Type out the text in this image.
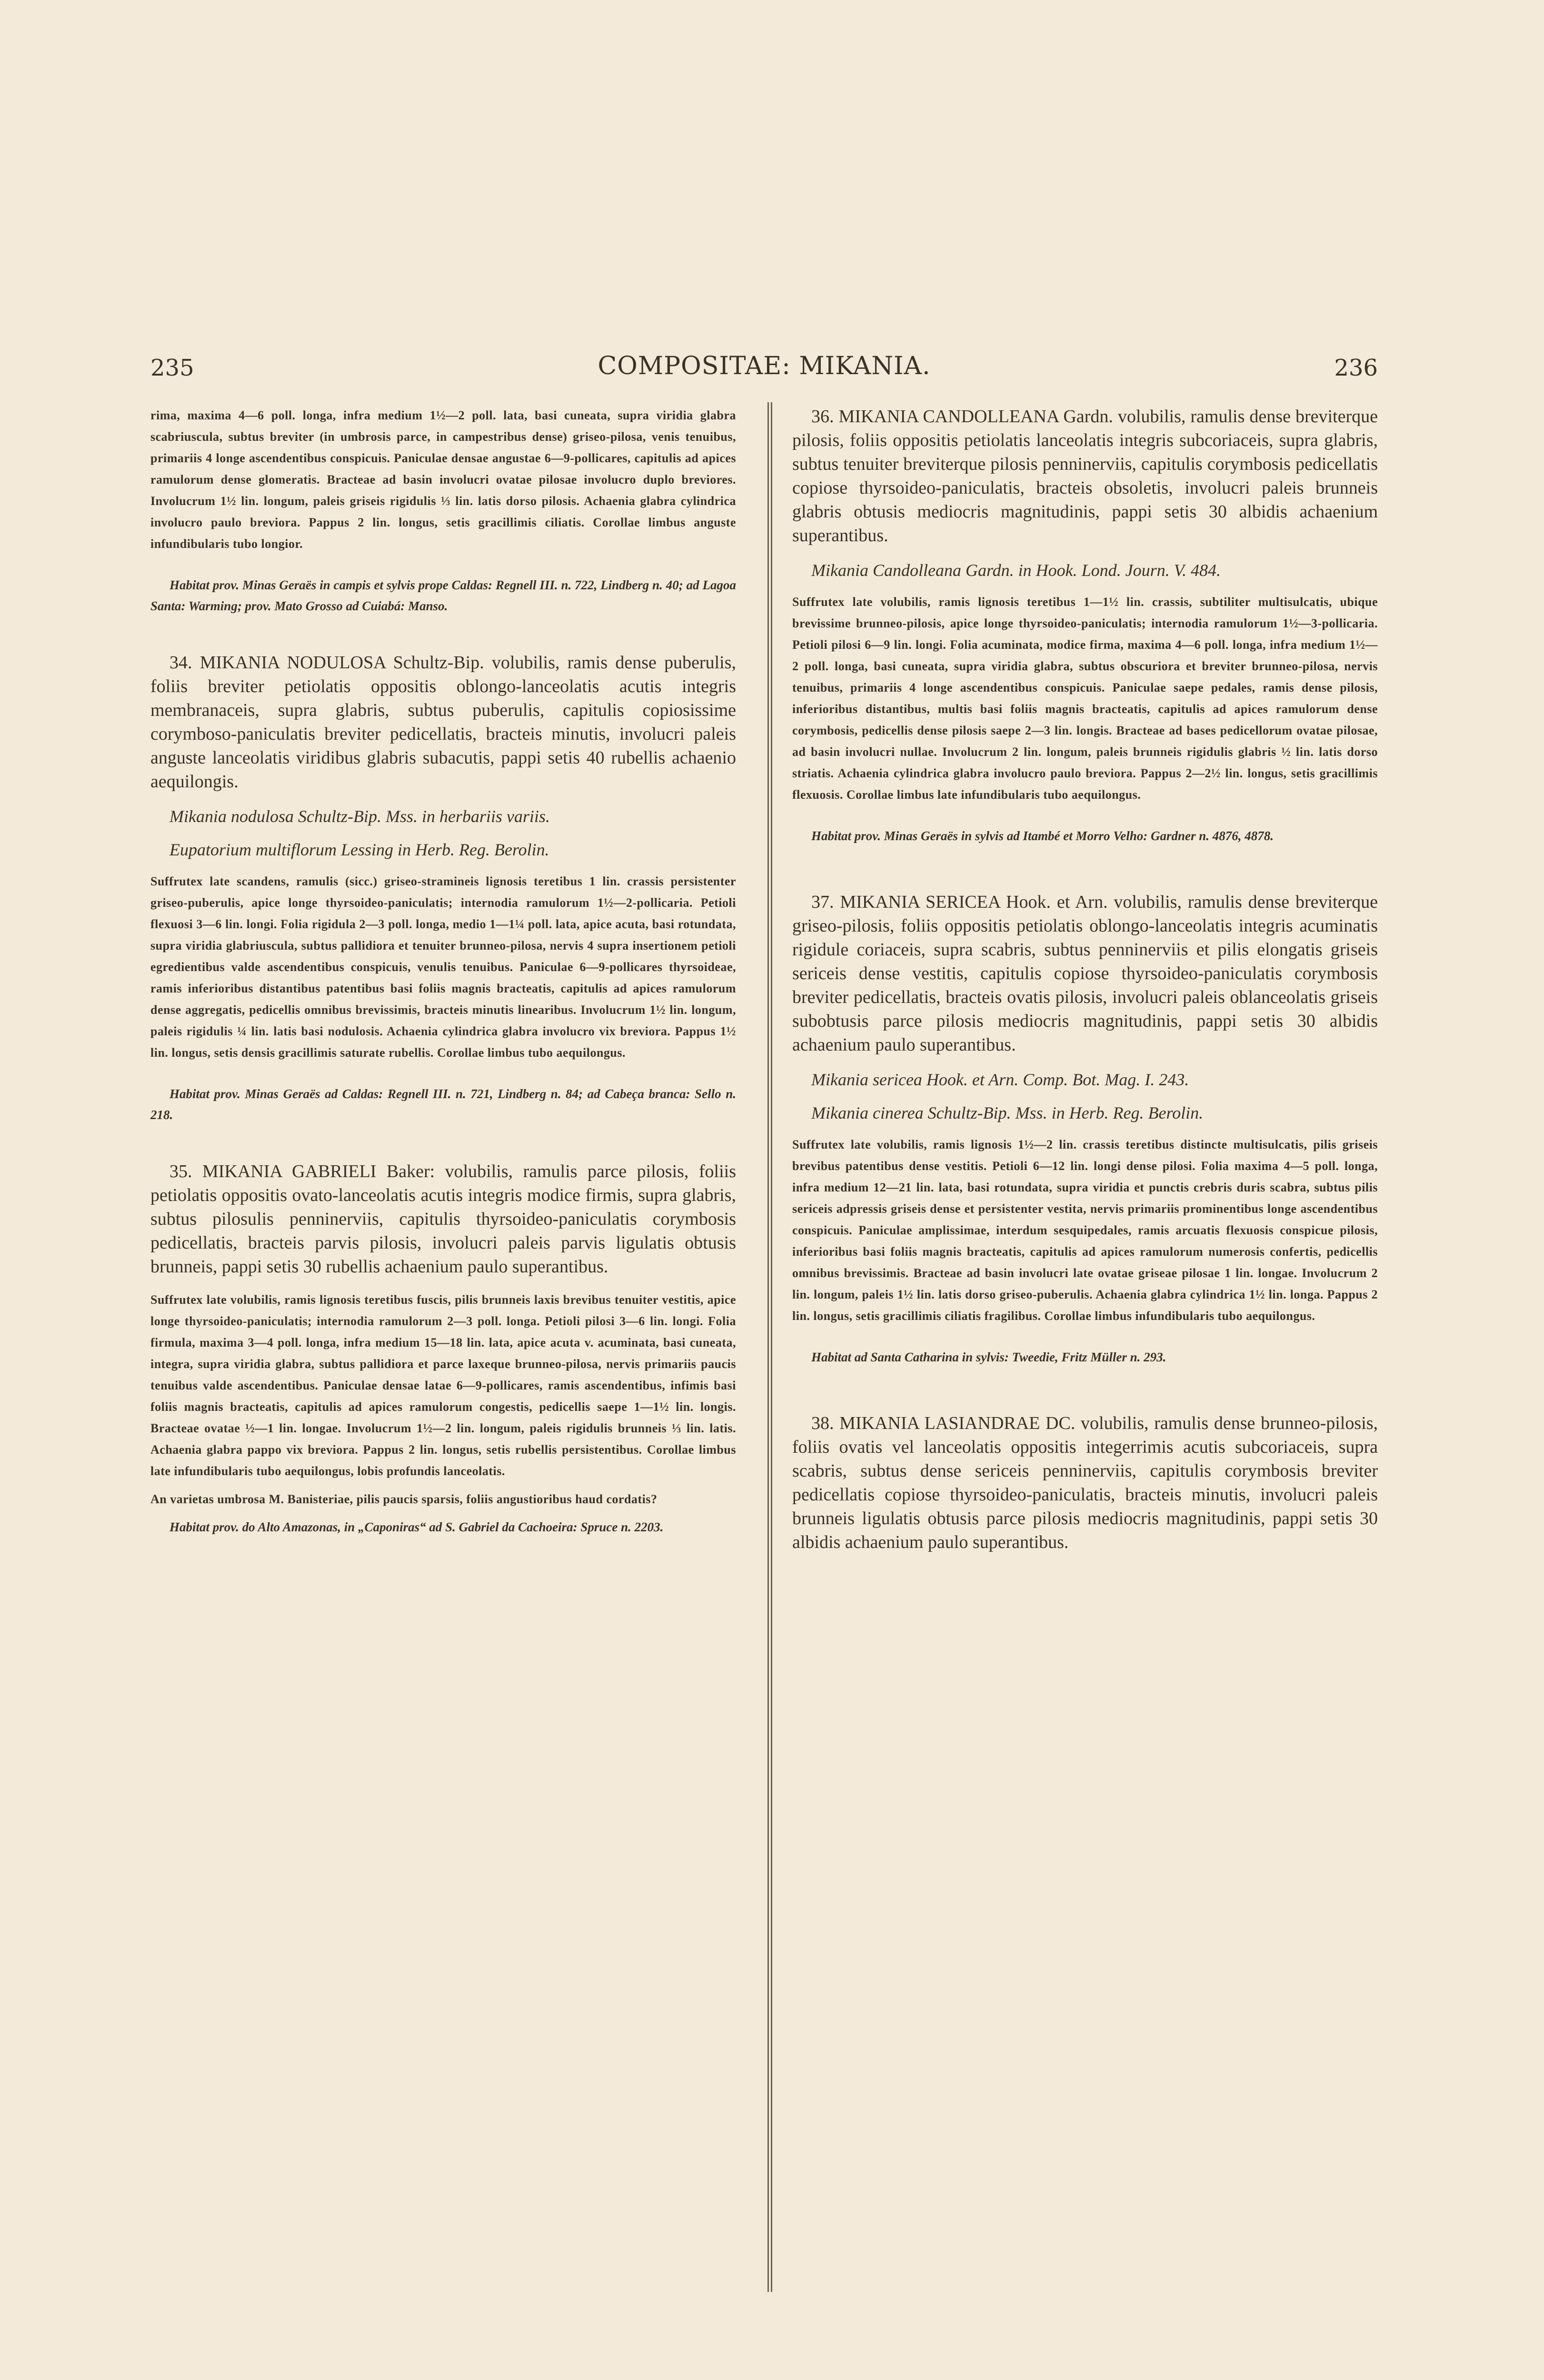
235	COMPOSITAE: MIKANIA.	236

rima, maxima 4—6 poll. longa, infra medium 1½—2 poll. lata, basi cuneata, supra viridia glabra scabriuscula, subtus breviter (in umbrosis parce, in campestribus dense) griseo-pilosa, venis tenuibus, primariis 4 longe ascendentibus conspicuis. Paniculae densae angustae 6—9-pollicares, capitulis ad apices ramulorum dense glomeratis. Bracteae ad basin involucri ovatae pilosae involucro duplo breviores. Involucrum 1½ lin. longum, paleis griseis rigidulis ⅓ lin. latis dorso pilosis. Achaenia glabra cylindrica involucro paulo breviora. Pappus 2 lin. longus, setis gracillimis ciliatis. Corollae limbus anguste infundibularis tubo longior.

Habitat prov. Minas Geraës in campis et sylvis prope Caldas: Regnell III. n. 722, Lindberg n. 40; ad Lagoa Santa: Warming; prov. Mato Grosso ad Cuiabá: Manso.

34. MIKANIA NODULOSA Schultz-Bip. volubilis, ramis dense puberulis, foliis breviter petiolatis oppositis oblongo-lanceolatis acutis integris membranaceis, supra glabris, subtus puberulis, capitulis copiosissime corymboso-paniculatis breviter pedicellatis, bracteis minutis, involucri paleis anguste lanceolatis viridibus glabris subacutis, pappi setis 40 rubellis achaenio aequilongis.

Mikania nodulosa Schultz-Bip. Mss. in herbariis variis.

Eupatorium multiflorum Lessing in Herb. Reg. Berolin.

Suffrutex late scandens, ramulis (sicc.) griseo-stramineis lignosis teretibus 1 lin. crassis persistenter griseo-puberulis, apice longe thyrsoideo-paniculatis; internodia ramulorum 1½—2-pollicaria. Petioli flexuosi 3—6 lin. longi. Folia rigidula 2—3 poll. longa, medio 1—1¼ poll. lata, apice acuta, basi rotundata, supra viridia glabriuscula, subtus pallidiora et tenuiter brunneo-pilosa, nervis 4 supra insertionem petioli egredientibus valde ascendentibus conspicuis, venulis tenuibus. Paniculae 6—9-pollicares thyrsoideae, ramis inferioribus distantibus patentibus basi foliis magnis bracteatis, capitulis ad apices ramulorum dense aggregatis, pedicellis omnibus brevissimis, bracteis minutis linearibus. Involucrum 1½ lin. longum, paleis rigidulis ¼ lin. latis basi nodulosis. Achaenia cylindrica glabra involucro vix breviora. Pappus 1½ lin. longus, setis densis gracillimis saturate rubellis. Corollae limbus tubo aequilongus.

Habitat prov. Minas Geraës ad Caldas: Regnell III. n. 721, Lindberg n. 84; ad Cabeça branca: Sello n. 218.

35. MIKANIA GABRIELI Baker: volubilis, ramulis parce pilosis, foliis petiolatis oppositis ovato-lanceolatis acutis integris modice firmis, supra glabris, subtus pilosulis penninerviis, capitulis thyrsoideo-paniculatis corymbosis pedicellatis, bracteis parvis pilosis, involucri paleis parvis ligulatis obtusis brunneis, pappi setis 30 rubellis achaenium paulo superantibus.

Suffrutex late volubilis, ramis lignosis teretibus fuscis, pilis brunneis laxis brevibus tenuiter vestitis, apice longe thyrsoideo-paniculatis; internodia ramulorum 2—3 poll. longa. Petioli pilosi 3—6 lin. longi. Folia firmula, maxima 3—4 poll. longa, infra medium 15—18 lin. lata, apice acuta v. acuminata, basi cuneata, integra, supra viridia glabra, subtus pallidiora et parce laxeque brunneo-pilosa, nervis primariis paucis tenuibus valde ascendentibus. Paniculae densae latae 6—9-pollicares, ramis ascendentibus, infimis basi foliis magnis bracteatis, capitulis ad apices ramulorum congestis, pedicellis saepe 1—1½ lin. longis. Bracteae ovatae ½—1 lin. longae. Involucrum 1½—2 lin. longum, paleis rigidulis brunneis ⅓ lin. latis. Achaenia glabra pappo vix breviora. Pappus 2 lin. longus, setis rubellis persistentibus. Corollae limbus late infundibularis tubo aequilongus, lobis profundis lanceolatis.

An varietas umbrosa M. Banisteriae, pilis paucis sparsis, foliis angustioribus haud cordatis?

Habitat prov. do Alto Amazonas, in „Caponiras“ ad S. Gabriel da Cachoeira: Spruce n. 2203.

36. MIKANIA CANDOLLEANA Gardn. volubilis, ramulis dense breviterque pilosis, foliis oppositis petiolatis lanceolatis integris subcoriaceis, supra glabris, subtus tenuiter breviterque pilosis penninerviis, capitulis corymbosis pedicellatis copiose thyrsoideo-paniculatis, bracteis obsoletis, involucri paleis brunneis glabris obtusis mediocris magnitudinis, pappi setis 30 albidis achaenium superantibus.

Mikania Candolleana Gardn. in Hook. Lond. Journ. V. 484.

Suffrutex late volubilis, ramis lignosis teretibus 1—1½ lin. crassis, subtiliter multisulcatis, ubique brevissime brunneo-pilosis, apice longe thyrsoideo-paniculatis; internodia ramulorum 1½—3-pollicaria. Petioli pilosi 6—9 lin. longi. Folia acuminata, modice firma, maxima 4—6 poll. longa, infra medium 1½—2 poll. longa, basi cuneata, supra viridia glabra, subtus obscuriora et breviter brunneo-pilosa, nervis tenuibus, primariis 4 longe ascendentibus conspicuis. Paniculae saepe pedales, ramis dense pilosis, inferioribus distantibus, multis basi foliis magnis bracteatis, capitulis ad apices ramulorum dense corymbosis, pedicellis dense pilosis saepe 2—3 lin. longis. Bracteae ad bases pedicellorum ovatae pilosae, ad basin involucri nullae. Involucrum 2 lin. longum, paleis brunneis rigidulis glabris ½ lin. latis dorso striatis. Achaenia cylindrica glabra involucro paulo breviora. Pappus 2—2½ lin. longus, setis gracillimis flexuosis. Corollae limbus late infundibularis tubo aequilongus.

Habitat prov. Minas Geraës in sylvis ad Itambé et Morro Velho: Gardner n. 4876, 4878.

37. MIKANIA SERICEA Hook. et Arn. volubilis, ramulis dense breviterque griseo-pilosis, foliis oppositis petiolatis oblongo-lanceolatis integris acuminatis rigidule coriaceis, supra scabris, subtus penninerviis et pilis elongatis griseis sericeis dense vestitis, capitulis copiose thyrsoideo-paniculatis corymbosis breviter pedicellatis, bracteis ovatis pilosis, involucri paleis oblanceolatis griseis subobtusis parce pilosis mediocris magnitudinis, pappi setis 30 albidis achaenium paulo superantibus.

Mikania sericea Hook. et Arn. Comp. Bot. Mag. I. 243.

Mikania cinerea Schultz-Bip. Mss. in Herb. Reg. Berolin.

Suffrutex late volubilis, ramis lignosis 1½—2 lin. crassis teretibus distincte multisulcatis, pilis griseis brevibus patentibus dense vestitis. Petioli 6—12 lin. longi dense pilosi. Folia maxima 4—5 poll. longa, infra medium 12—21 lin. lata, basi rotundata, supra viridia et punctis crebris duris scabra, subtus pilis sericeis adpressis griseis dense et persistenter vestita, nervis primariis prominentibus longe ascendentibus conspicuis. Paniculae amplissimae, interdum sesquipedales, ramis arcuatis flexuosis conspicue pilosis, inferioribus basi foliis magnis bracteatis, capitulis ad apices ramulorum numerosis confertis, pedicellis omnibus brevissimis. Bracteae ad basin involucri late ovatae griseae pilosae 1 lin. longae. Involucrum 2 lin. longum, paleis 1½ lin. latis dorso griseo-puberulis. Achaenia glabra cylindrica 1½ lin. longa. Pappus 2 lin. longus, setis gracillimis ciliatis fragilibus. Corollae limbus infundibularis tubo aequilongus.

Habitat ad Santa Catharina in sylvis: Tweedie, Fritz Müller n. 293.

38. MIKANIA LASIANDRAE DC. volubilis, ramulis dense brunneo-pilosis, foliis ovatis vel lanceolatis oppositis integerrimis acutis subcoriaceis, supra scabris, subtus dense sericeis penninerviis, capitulis corymbosis breviter pedicellatis copiose thyrsoideo-paniculatis, bracteis minutis, involucri paleis brunneis ligulatis obtusis parce pilosis mediocris magnitudinis, pappi setis 30 albidis achaenium paulo superantibus.
